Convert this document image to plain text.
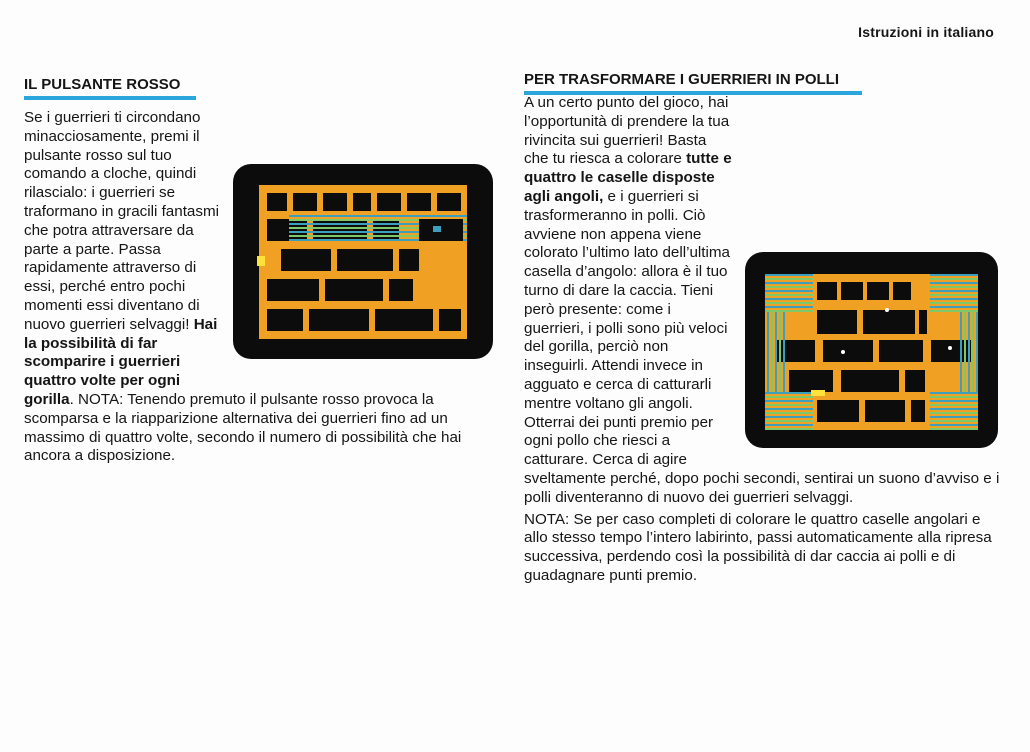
Istruzioni in italiano
IL PULSANTE ROSSO

Se i guerrieri ti circondano minacciosamente, premi il pulsante rosso sul tuo comando a cloche, quindi rilascialo: i guerrieri se traformano in gracili fantasmi che potra attraversare da parte a parte. Passa rapidamente attraverso di essi, perché entro pochi momenti essi diventano di nuovo guerrieri selvaggi! Hai la possibilità di far scomparire i guerrieri quattro volte per ogni gorilla. NOTA: Tenendo premuto il pulsante rosso provoca la scomparsa e la riapparizione alternativa dei guerrieri fino ad un massimo di quattro volte, secondo il numero di possibilità che hai ancora a disposizione.

PER TRASFORMARE I GUERRIERI IN POLLI

A un certo punto del gioco, hai l’opportunità di prendere la tua rivincita sui guerrieri! Basta che tu riesca a colorare tutte e quattro le caselle disposte agli angoli, e i guerrieri si trasformeranno in polli. Ciò avviene non appena viene colorato l’ultimo lato dell’ultima casella d’angolo: allora è il tuo turno di dare la caccia. Tieni però presente: come i guerrieri, i polli sono più veloci del gorilla, perciò non inseguirli. Attendi invece in agguato e cerca di catturarli mentre voltano gli angoli. Otterrai dei punti premio per ogni pollo che riesci a catturare. Cerca di agire sveltamente perché, dopo pochi secondi, sentirai un suono d’avviso e i polli diventeranno di nuovo dei guerrieri selvaggi.

NOTA: Se per caso completi di colorare le quattro caselle angolari e allo stesso tempo l’intero labirinto, passi automaticamente alla ripresa successiva, perdendo così la possibilità di dar caccia ai polli e di guadagnare punti premio.
